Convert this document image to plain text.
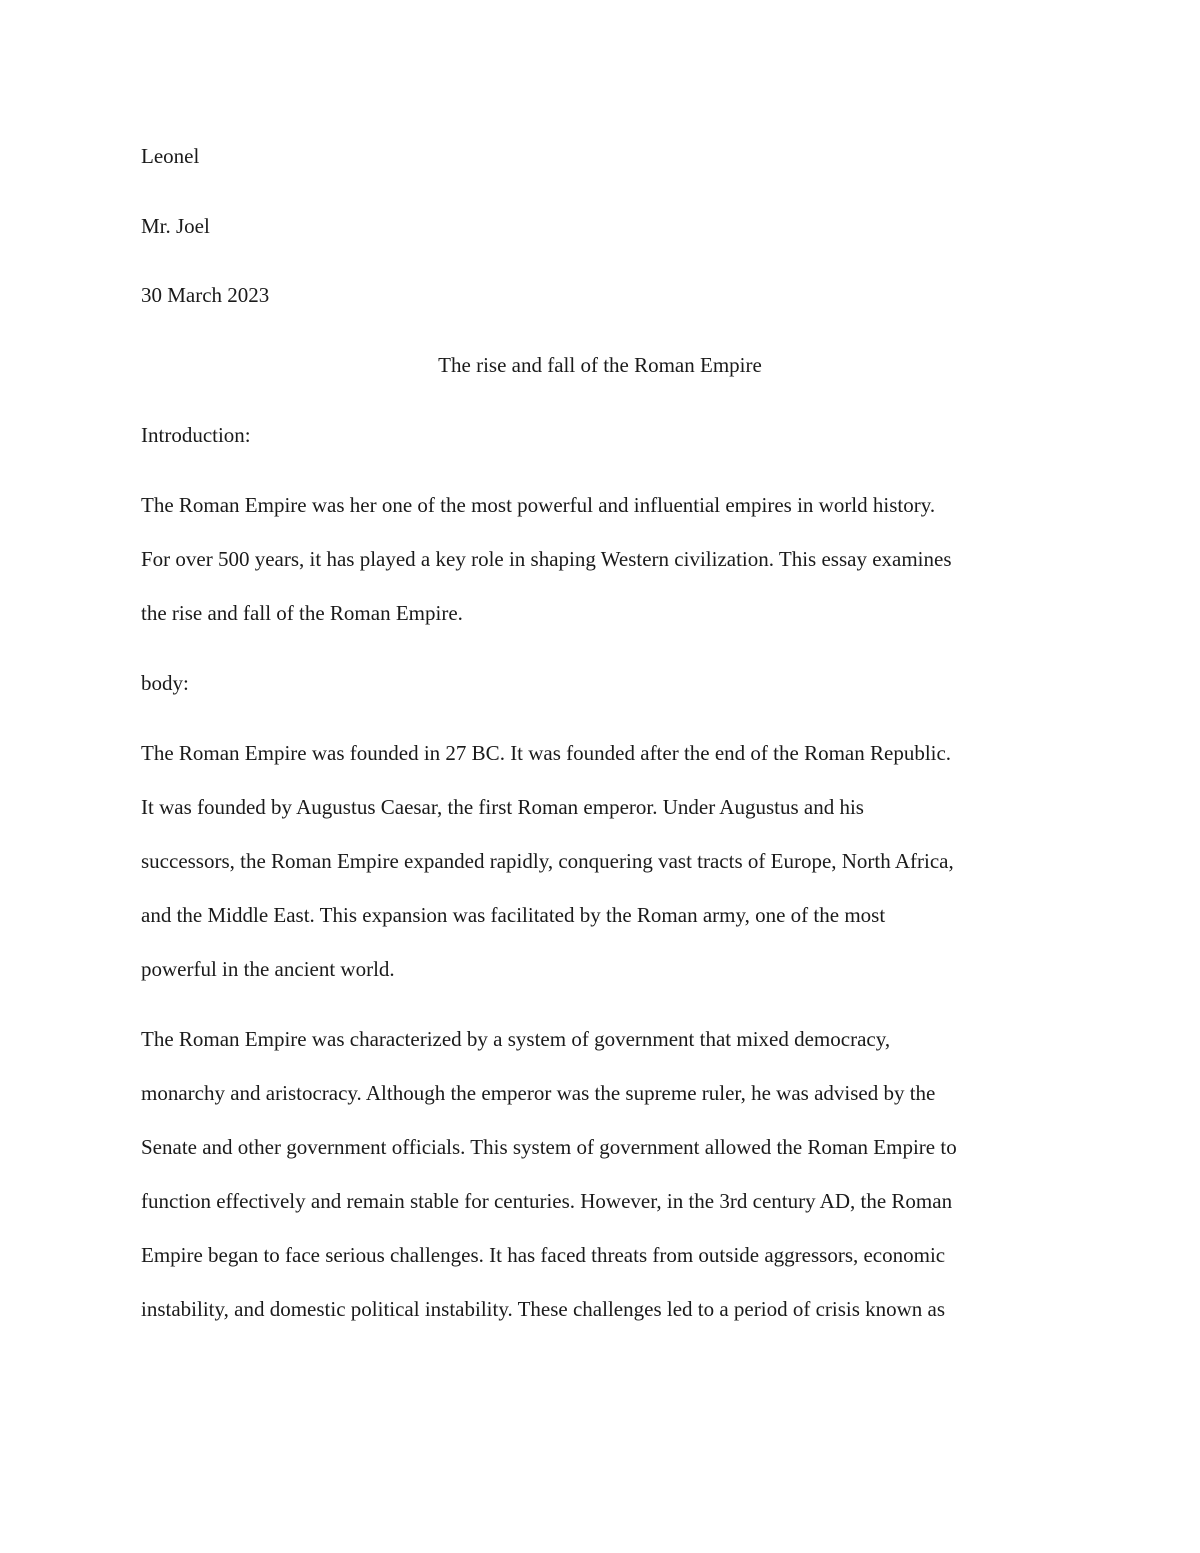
Leonel

Mr. Joel

30 March 2023

The rise and fall of the Roman Empire

Introduction:

The Roman Empire was her one of the most powerful and influential empires in world history.

For over 500 years, it has played a key role in shaping Western civilization. This essay examines

the rise and fall of the Roman Empire.

body:

The Roman Empire was founded in 27 BC. It was founded after the end of the Roman Republic.

It was founded by Augustus Caesar, the first Roman emperor. Under Augustus and his

successors, the Roman Empire expanded rapidly, conquering vast tracts of Europe, North Africa,

and the Middle East. This expansion was facilitated by the Roman army, one of the most

powerful in the ancient world.

The Roman Empire was characterized by a system of government that mixed democracy,

monarchy and aristocracy. Although the emperor was the supreme ruler, he was advised by the

Senate and other government officials. This system of government allowed the Roman Empire to

function effectively and remain stable for centuries. However, in the 3rd century AD, the Roman

Empire began to face serious challenges. It has faced threats from outside aggressors, economic

instability, and domestic political instability. These challenges led to a period of crisis known as
